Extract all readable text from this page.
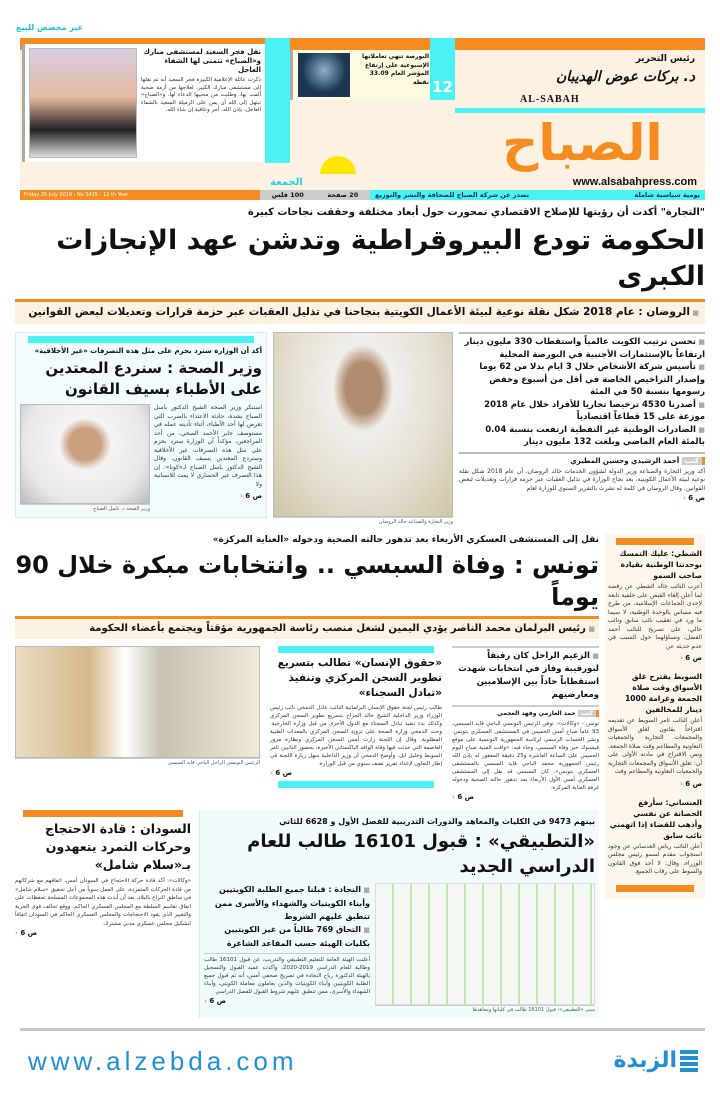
غير مخصص للبيع
نقل فجر السعيد لمستشفى مبارك
و«الصباح» تتمنى لها الشفاء العاجل
ذكرت عائلة الإعلامية الكبيرة فجر السعيد أنه تم نقلها إلى مستشفى مبارك الكبير، لعلاجها من أزمة صحية ألمت بها، وطلبت من محبيها الدعاء لها. و«الصباح» تبتهل إلى الله أن يمن على الزميلة السعيد بالشفاء العاجل، بإذن الله. أجر وعافية إن شاء الله.
البورصة تنهي تعاملاتها الإسبوعية على إرتفاع المؤشر العام 33.09 نقطة 12
رئيس التحرير
د. بركات عوض الهديبان
AL-SABAH
الصباح
www.alsabahpress.com
الجمعة
Friday 26 July 2019 - No 5425 - 12 th Year	20 صفحة
100 فلس	يومية سياسية شاملة
تصدر عن شركة الصباح للصحافة والنشر والتوزيع
"التجارة" أكدت أن رؤيتها للإصلاح الاقتصادي تمحورت حول أبعاد مختلفة وحققت نجاحات كبيرة
الحكومة تودع البيروقراطية وتدشن عهد الإنجازات الكبرى
■ الروضان : عام 2018 شكل نقلة نوعية لبيئة الأعمال الكويتية بنجاحنا في تذليل العقبات عبر حزمة قرارات وتعديلات لبعض القوانين
أكد أن الوزارة سترد بحزم على مثل هذه التصرفات «غير الأخلاقية»
وزير الصحة : سنردع المعتدين على الأطباء بسيف القانون
وزير الصحة د. باسل الصباح
استنكر وزير الصحة الشيخ الدكتور باسل الصباح بشدة، حادثة الاعتداء بالضرب التي تعرض لها أحد الأطباء، أثناء تأديته عمله في مستوصف جابر الأحمد الصحي، من أحد المراجعين، مؤكداً أن الوزارة سترد بحزم على مثل هذه التصرفات غير الأخلاقية وسنردع المعتدين بسيف القانون. وقال الشيخ الدكتور باسل الصباح لـ«كونا»: إن هذا التصرف غير الحضاري لا يمت للانسانية ولا
ص 6 ‹
وزير التجارة والصناعة خالد الروضان
■ تحسن ترتيب الكويت عالمياً واستقطاب 330 مليون دينار ارتفاعاً بالإستثمارات الأجنبية في البورصة المحلية
■ تأسيس شركة الأشخاص خلال 3 ايام بدلا من 62 يوما وإصدار التراخيص الخاصة في أقل من أسبوع وخفض رسومها بنسبة 50 في المئة
■ أصدرنا 4530 ترخيصا تجاريا للأفراد خلال عام 2018 موزعة على 15 قطاعاً اقتصادياً
■ الصادرات الوطنية غير النفطية ارتفعت بنسبة 0.04 بالمئة العام الماضي وبلغت 132 مليون دينار
كتب أحمد الرشيدي وحسين المطيري
أكد وزير التجارة والصناعة وزير الدولة لشؤون الخدمات خالد الروضان، أن عام 2018 شكل نقلة نوعية لبيئة الأعمال الكويتية، بعد نجاح الوزارة في تذليل العقبات عبر حزمة قرارات وتعديلات لبعض القوانين. وقال الروضان في كلمة له نشرت بالتقرير السنوي للوزارة لعام
ص 6 ‹
نقل إلى المستشفى العسكري الأربعاء بعد تدهور حالته الصحية ودخوله «العناية المركزة»
تونس : وفاة السبسي .. وانتخابات مبكرة خلال 90 يوماً
■ رئيس البرلمان محمد الناصر يؤدي اليمين لشغل منصب رئاسة الجمهورية مؤقتاً ويجتمع بأعضاء الحكومة
الرئيس التونسي الراحل الباجي قايد السبسي
«حقوق الإنسان» تطالب بتسريع تطوير السجن المركزي وتنفيذ «تبادل السجناء»
طالب رئيس لجنة حقوق الإنسان البرلمانية النائب عادل الدمخي نائب رئيس الوزراء وزير الداخلية الشيخ خالد الجراح بتسريع تطوير السجن المركزي وكذلك بدء تنفيذ تبادل السجناء مع الدول الأخرى من قبل وزارة الخارجية. وحث الدمخي وزارة الصحة على تزويد السجن المركزي بالمعدات الطبية المطلوبة. وقال إن اللجنة زارت أمس السجن المركزي ونظارة مرور العاصمة التي حدثت فيها وفاة الوافد الباكستاني الأخيرة، بحضور النائبين ثامر السويط وخليل ابل. وأوضح الدمخي أن وزير الداخلية سهل زيارة اللجنة في إطار التعاون لإعداد تقرير نصف سنوي من قبل الوزارة.
ص 6 ‹
■ الزعيم الراحل كان رفيقاً لبورقيبة وفاز في انتخابات شهدت استقطاباً حاداً بين الإسلاميين ومعارضيهم
كتب حمد العازمي وفهد العجمي
تونس - «وكالات»: توفي الرئيس التونسي الباجي قايد السبسي، 93 عاماً صباح أمس الخميس في المستشفى العسكري بتونس. ونشر الحساب الرسمي لرئاسة الجمهورية التونسية على موقع فيسبوك خبر وفاة السبسي، وجاء فيه: «وافت المنية صباح اليوم الخميس على الساعة العاشرة و25 دقيقة المغفور له بإذن الله رئيس الجمهورية محمد الباجي قايد السبسي بالمستشفى العسكري بتونس». كان السبسي قد نقل إلى المستشفى العسكري أمس الأول الأربعاء بعد تدهور حالته الصحية ودخوله غرفة العناية المركزة.
ص 6 ‹
السودان : قادة الاحتجاج وحركات التمرد يتعهدون بـ«سلام شامل»
«وكالات»: أكد قادة حركة الاحتجاج في السودان أمس، اتفاقهم مع شركائهم من قادة الحركات المتمردة، على العمل سوياً من أجل تحقيق «سلام شامل» في مناطق النزاع بالبلاد، بعد أن أبدت هذه المجموعات المسلحة تحفظات على اتفاق تقاسم السلطة مع المجلس العسكري الحاكم. ووقع تحالف قوى الحرية والتغيير الذي يقود الاحتجاجات والمجلس العسكري الحاكم في السودان اتفاقاً لتشكيل مجلس عسكري مدني مشترك.
ص 6 ‹
بينهم 9473 في الكليات والمعاهد والدورات التدريبية للفصل الأول و 6628 للثاني
«التطبيقي» : قبول 16101 طالب للعام الدراسي الجديد
■ النجادة : قبلنا جميع الطلبة الكويتيين وأبناء الكويتيات والشهداء والأسرى ممن تنطبق عليهم الشروط
■ التحاق 769 طالباً من غير الكويتيين بكليات الهيئة حسب المقاعد الشاغرة
أعلنت الهيئة العامة للتعليم التطبيقي والتدريب، عن قبول 16101 طالب وطالبة للعام الدراسي 2019-2020، وأكدت عميد القبول والتسجيل بالهيئة الدكتورة رباح النجادة في تصريح صحفي أمس، أنه تم قبول جميع الطلبة الكويتيين وأبناء الكويتيات والذين يعاملون معاملة الكويتي، وأبناء الشهداء والأسرى، ممن تنطبق عليهم شروط القبول للفصل الدراسي
ص 6 ‹
مبنى «التطبيقي»: قبول 16101 طالب في كلياتها ومعاهدها
الشطي: عليك التمسك بوحدتنا الوطنية بقيادة صاحب السمو
أعرب النائب خالد الشطي عن رفضه لما أعلن إلغاء القبض على خلفية تابعة لإحدى الجماعات الإسلامية، من طرح فيه مساس بالوحدة الوطنية، لا سيما ما ورد في تعقيب نائب سابق ونائب حالي، على تصريح للنائب أحمد الفضل، وتساؤلهما حول السبب في عدم حديثه عن
ص 6 ‹
السويط يقترح غلق الأسواق وقت صلاة الجمعة وغرامة 1000 دينار للمخالفين
أعلن النائب ثامر السويط عن تقديمه اقتراحاً بقانون لغلق الأسواق والمجمعات التجارية والجمعيات التعاونية والمطاعم وقت صلاة الجمعة. ونص الاقتراح في مادته الأولى على أن: تغلق الأسواق والمجمعات التجارية والجمعيات التعاونية والمطاعم وقت
ص 6 ‹
العنساني: سأرفع الحصانة عن نفسي وأذهب للقضاء إذا اتهمني نائب سابق
أعلن النائب رياض العدساني عن وجود استجواب مقدم لسمو رئيس مجلس الوزراء، وقال: لا أحد فوق القانون والسوط على رقاب الجميع.
www.alzebda.com	الزبدة
